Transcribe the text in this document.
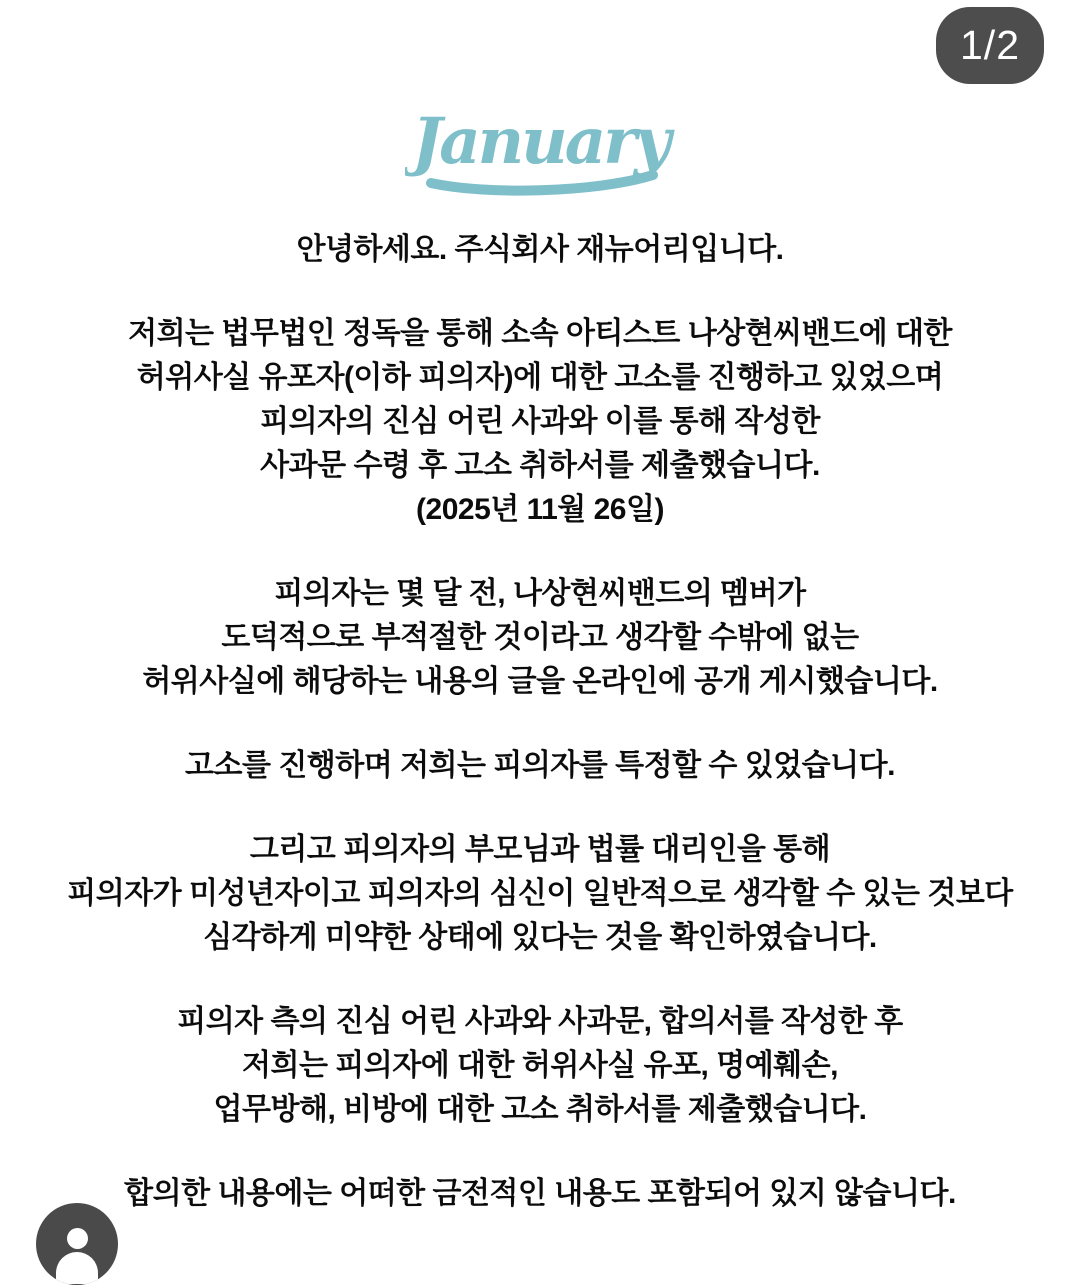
1/2
January
안녕하세요. 주식회사 재뉴어리입니다.
저희는 법무법인 정독을 통해 소속 아티스트 나상현씨밴드에 대한
허위사실 유포자(이하 피의자)에 대한 고소를 진행하고 있었으며
피의자의 진심 어린 사과와 이를 통해 작성한
사과문 수령 후 고소 취하서를 제출했습니다.
(2025년 11월 26일)
피의자는 몇 달 전, 나상현씨밴드의 멤버가
도덕적으로 부적절한 것이라고 생각할 수밖에 없는
허위사실에 해당하는 내용의 글을 온라인에 공개 게시했습니다.
고소를 진행하며 저희는 피의자를 특정할 수 있었습니다.
그리고 피의자의 부모님과 법률 대리인을 통해
피의자가 미성년자이고 피의자의 심신이 일반적으로 생각할 수 있는 것보다
심각하게 미약한 상태에 있다는 것을 확인하였습니다.
피의자 측의 진심 어린 사과와 사과문, 합의서를 작성한 후
저희는 피의자에 대한 허위사실 유포, 명예훼손,
업무방해, 비방에 대한 고소 취하서를 제출했습니다.
합의한 내용에는 어떠한 금전적인 내용도 포함되어 있지 않습니다.
